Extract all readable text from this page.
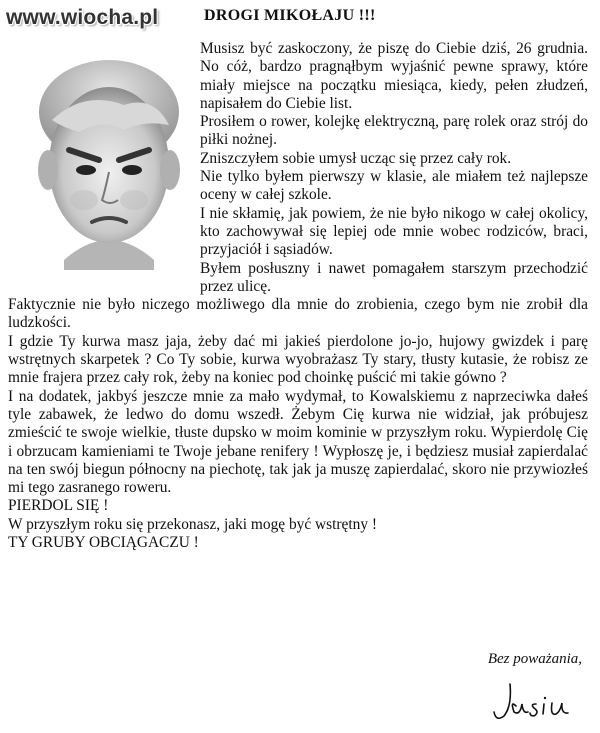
www.wiocha.pl	DROGI MIKOŁAJU !!!

Musisz być zaskoczony, że piszę do Ciebie dziś, 26 grudnia. No cóż, bardzo pragnąłbym wyjaśnić pewne sprawy, które miały miejsce na początku miesiąca, kiedy, pełen złudzeń, napisałem do Ciebie list.

Prosiłem o rower, kolejkę elektryczną, parę rolek oraz strój do piłki nożnej.

Zniszczyłem sobie umysł ucząc się przez cały rok.

Nie tylko byłem pierwszy w klasie, ale miałem też najlepsze oceny w całej szkole.

I nie skłamię, jak powiem, że nie było nikogo w całej okolicy, kto zachowywał się lepiej ode mnie wobec rodziców, braci, przyjaciół i sąsiadów.

Byłem posłuszny i nawet pomagałem starszym przechodzić przez ulicę.

Faktycznie nie było niczego możliwego dla mnie do zrobienia, czego bym nie zrobił dla ludzkości.

I gdzie Ty kurwa masz jaja, żeby dać mi jakieś pierdolone jo-jo, hujowy gwizdek i parę wstrętnych skarpetek ? Co Ty sobie, kurwa wyobrażasz Ty stary, tłusty kutasie, że robisz ze mnie frajera przez cały rok, żeby na koniec pod choinkę puścić mi takie gówno ?

I na dodatek, jakbyś jeszcze mnie za mało wydymał, to Kowalskiemu z naprzeciwka dałeś tyle zabawek, że ledwo do domu wszedł. Żebym Cię kurwa nie widział, jak próbujesz zmieścić te swoje wielkie, tłuste dupsko w moim kominie w przyszłym roku. Wypierdolę Cię i obrzucam kamieniami te Twoje jebane renifery ! Wypłoszę je, i będziesz musiał zapierdalać na ten swój biegun północny na piechotę, tak jak ja muszę zapierdalać, skoro nie przywiozłeś mi tego zasranego roweru.

PIERDOL SIĘ !

W przyszłym roku się przekonasz, jaki mogę być wstrętny !

TY GRUBY OBCIĄGACZU !

Bez poważania,
